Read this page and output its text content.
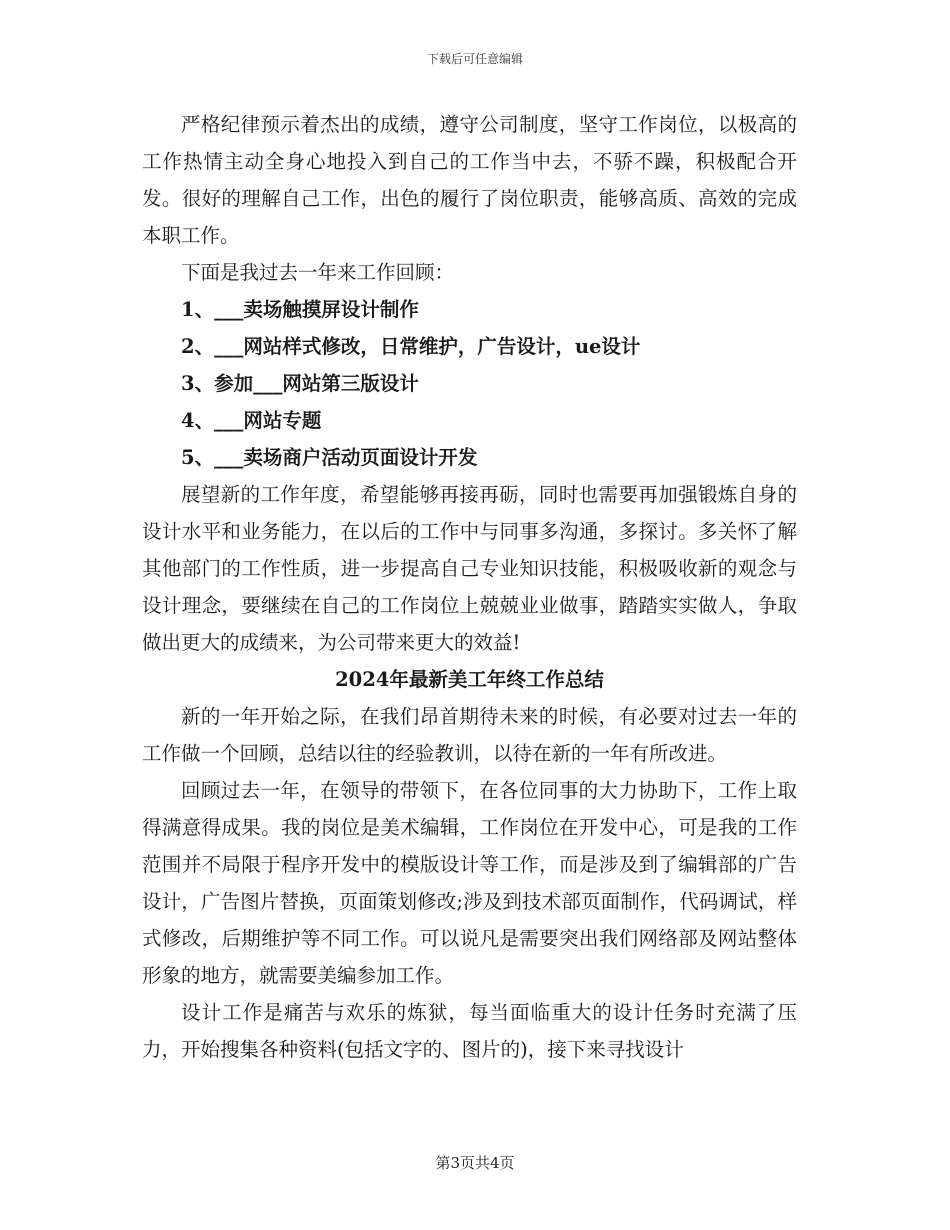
下载后可任意编辑

严格纪律预示着杰出的成绩，遵守公司制度，坚守工作岗位，以极高的工作热情主动全身心地投入到自己的工作当中去，不骄不躁，积极配合开发。很好的理解自己工作，出色的履行了岗位职责，能够高质、高效的完成本职工作。

下面是我过去一年来工作回顾：

1、___卖场触摸屏设计制作

2、___网站样式修改，日常维护，广告设计，ue设计

3、参加___网站第三版设计

4、___网站专题

5、___卖场商户活动页面设计开发

展望新的工作年度，希望能够再接再砺，同时也需要再加强锻炼自身的设计水平和业务能力，在以后的工作中与同事多沟通，多探讨。多关怀了解其他部门的工作性质，进一步提高自己专业知识技能，积极吸收新的观念与设计理念，要继续在自己的工作岗位上兢兢业业做事，踏踏实实做人，争取做出更大的成绩来，为公司带来更大的效益!

2024年最新美工年终工作总结

新的一年开始之际，在我们昂首期待未来的时候，有必要对过去一年的工作做一个回顾，总结以往的经验教训，以待在新的一年有所改进。

回顾过去一年，在领导的带领下，在各位同事的大力协助下，工作上取得满意得成果。我的岗位是美术编辑，工作岗位在开发中心，可是我的工作范围并不局限于程序开发中的模版设计等工作，而是涉及到了编辑部的广告设计，广告图片替换，页面策划修改;涉及到技术部页面制作，代码调试，样式修改，后期维护等不同工作。可以说凡是需要突出我们网络部及网站整体形象的地方，就需要美编参加工作。

设计工作是痛苦与欢乐的炼狱，每当面临重大的设计任务时充满了压力，开始搜集各种资料(包括文字的、图片的)，接下来寻找设计

第3页共4页
